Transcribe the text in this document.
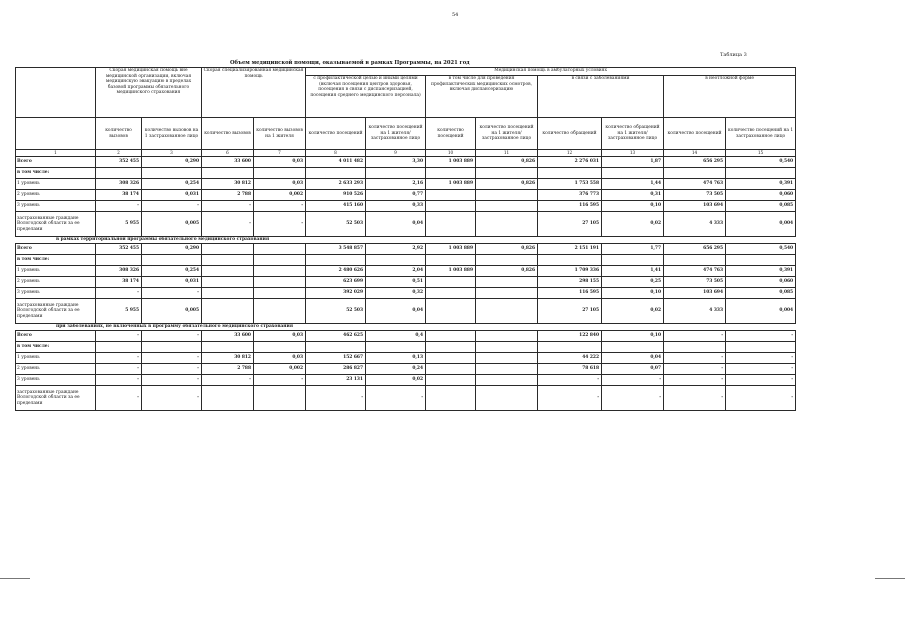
54
Таблица 3
Объем медицинской помощи, оказываемой в рамках Программы, на 2021 год
	Скорая медицинская помощь вне медицинской организации, включая медицинскую эвакуацию в пределах базовой программы обязательного медицинского страхования		Скорая специализированная медицинская помощь		Медицинская помощь в амбулаторных условиях							
					с профилактической целью и иными целями (включая посещения центров здоровья, посещения в связи с диспансеризацией, посещения среднего медицинского персонала)		в том числе для проведения профилактических медицинских осмотров, включая диспансеризацию		в связи с заболеваниями		в неотложной форме	
	количество вызовов	количество вызовов на 1 застрахованное лицо	количество вызовов	количество вызовов на 1 жителя	количество посещений	количество посещений на 1 жителя/застрахованное лицо	количество посещений	количество посещений на 1 жителя/застрахованное лицо	количество обращений	количество обращений на 1 жителя/застрахованное лицо	количество посещений	количество посещений на 1 застрахованное лицо
1	2	3	6	7	8	9	10	11	12	13	14	15
Всего	352 455	0,290	33 600	0,03	4 011 482	3,30	1 003 889	0,826	2 276 031	1,87	656 295	0,540
в том числе:												
1 уровень	308 326	0,254	30 812	0,03	2 633 293	2,16	1 003 889	0,826	1 753 558	1,44	474 763	0,391
2 уровень	38 174	0,031	2 788	0,002	910 526	0,77			376 773	0,31	73 505	0,060
3 уровень	-	-	-	-	415 160	0,33			116 595	0,10	103 694	0,085
застрахованные граждане Вологодской области за ее пределами	5 955	0,005	-	-	52 503	0,04			27 105	0,02	4 333	0,004
в рамках территориальной программы обязательного медицинского страхования												
Всего	352 455	0,290			3 548 857	2,92	1 003 889	0,826	2 151 191	1,77	656 295	0,540
в том числе:												
1 уровень	308 326	0,254			2 480 626	2,04	1 003 889	0,826	1 709 336	1,41	474 763	0,391
2 уровень	38 174	0,031			623 699	0,51			298 155	0,25	73 505	0,060
3 уровень	-	-			392 029	0,32			116 595	0,10	103 694	0,085
застрахованные граждане Вологодской области за ее пределами	5 955	0,005			52 503	0,04			27 105	0,02	4 333	0,004
при заболеваниях, не включенных в программу обязательного медицинского страхования												
Всего	-	-	33 600	0,03	462 625	0,4			122 840	0,10	-	-
в том числе:												
1 уровень	-	-	30 812	0,03	152 667	0,13			44 222	0,04	-	-
2 уровень	-	-	2 788	0,002	286 827	0,24			78 618	0,07	-	-
3 уровень	-	-	-	-	23 131	0,02			-	-	-	-
застрахованные граждане Вологодской области за ее пределами	-	-			-	-			-	-	-	-
